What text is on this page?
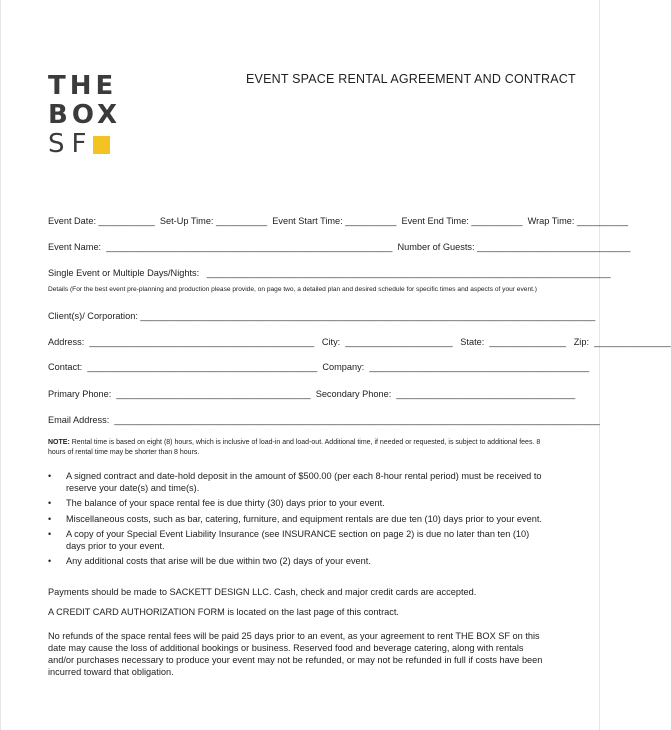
THE
BOX
SF
EVENT SPACE RENTAL AGREEMENT AND CONTRACT
Event Date: ___________  Set-Up Time: __________  Event Start Time: __________  Event End Time: __________  Wrap Time: __________
Event Name:  ________________________________________________________  Number of Guests: ______________________________
Single Event or Multiple Days/Nights:   _______________________________________________________________________________
Details (For the best event pre-planning and production please provide, on page two, a detailed plan and desired schedule for specific times and aspects of your event.)
Client(s)/ Corporation: _________________________________________________________________________________________
Address:  ____________________________________________   City:  _____________________   State:  _______________   Zip:  _______________
Contact:  _____________________________________________  Company:  ___________________________________________
Primary Phone:  ______________________________________  Secondary Phone:  ___________________________________
Email Address:  _______________________________________________________________________________________________
NOTE: Rental time is based on eight (8) hours, which is inclusive of load-in and load-out. Additional time, if needed or requested, is subject to additional fees. 8 hours of rental time may be shorter than 8 hours.
• A signed contract and date-hold deposit in the amount of $500.00 (per each 8-hour rental period) must be received to reserve your date(s) and time(s).
• The balance of your space rental fee is due thirty (30) days prior to your event.
• Miscellaneous costs, such as bar, catering, furniture, and equipment rentals are due ten (10) days prior to your event.
• A copy of your Special Event Liability Insurance (see INSURANCE section on page 2) is due no later than ten (10) days prior to your event.
• Any additional costs that arise will be due within two (2) days of your event.
Payments should be made to SACKETT DESIGN LLC. Cash, check and major credit cards are accepted.
A CREDIT CARD AUTHORIZATION FORM is located on the last page of this contract.
No refunds of the space rental fees will be paid 25 days prior to an event, as your agreement to rent THE BOX SF on this date may cause the loss of additional bookings or business. Reserved food and beverage catering, along with rentals and/or purchases necessary to produce your event may not be refunded, or may not be refunded in full if costs have been incurred toward that obligation.
